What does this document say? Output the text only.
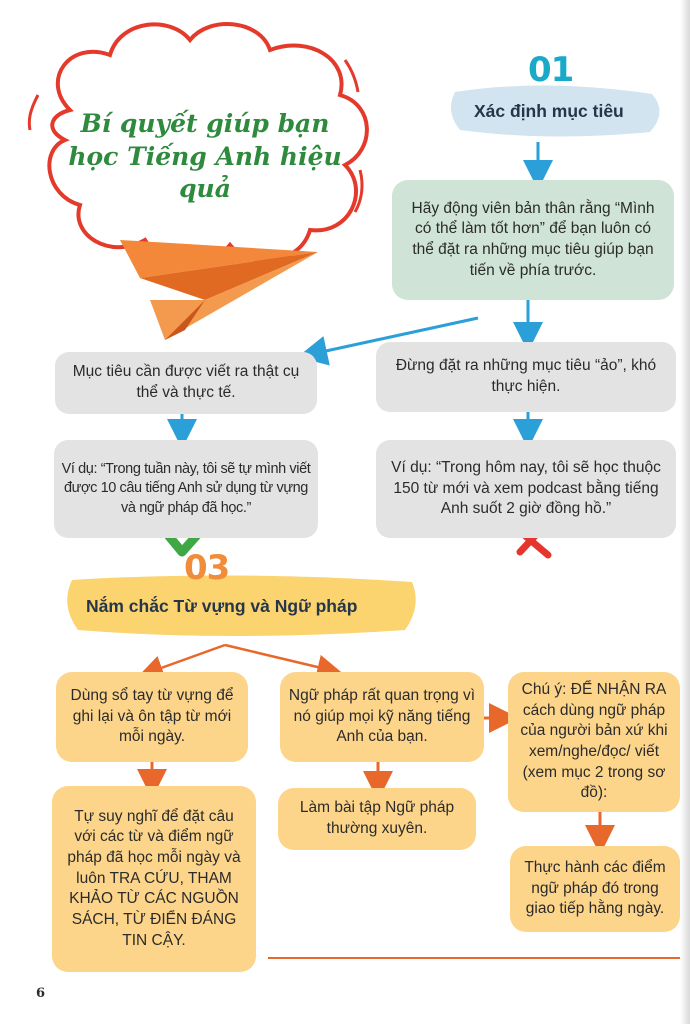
Bí quyết giúp bạn học Tiếng Anh hiệu quả
01
Xác định mục tiêu
Hãy động viên bản thân rằng “Mình có thể làm tốt hơn” để bạn luôn có thể đặt ra những mục tiêu giúp bạn tiến về phía trước.
Mục tiêu cần được viết ra thật cụ thể và thực tế.
Đừng đặt ra những mục tiêu “ảo”, khó thực hiện.
Ví dụ: “Trong tuần này, tôi sẽ tự mình viết được 10 câu tiếng Anh sử dụng từ vựng và ngữ pháp đã học.”
Ví dụ: “Trong hôm nay, tôi sẽ học thuộc 150 từ mới và xem podcast bằng tiếng Anh suốt 2 giờ đồng hồ.”
03
Nắm chắc Từ vựng và Ngữ pháp
Dùng sổ tay từ vựng để ghi lại và ôn tập từ mới mỗi ngày.
Tự suy nghĩ để đặt câu với các từ và điểm ngữ pháp đã học mỗi ngày và luôn TRA CỨU, THAM KHẢO TỪ CÁC NGUỒN SÁCH, TỪ ĐIỂN ĐÁNG TIN CẬY.
Ngữ pháp rất quan trọng vì nó giúp mọi kỹ năng tiếng Anh của bạn.
Làm bài tập Ngữ pháp thường xuyên.
Chú ý: ĐỂ NHẬN RA cách dùng ngữ pháp của người bản xứ khi xem/nghe/đọc/ viết (xem mục 2 trong sơ đồ):
Thực hành các điểm ngữ pháp đó trong giao tiếp hằng ngày.
6
